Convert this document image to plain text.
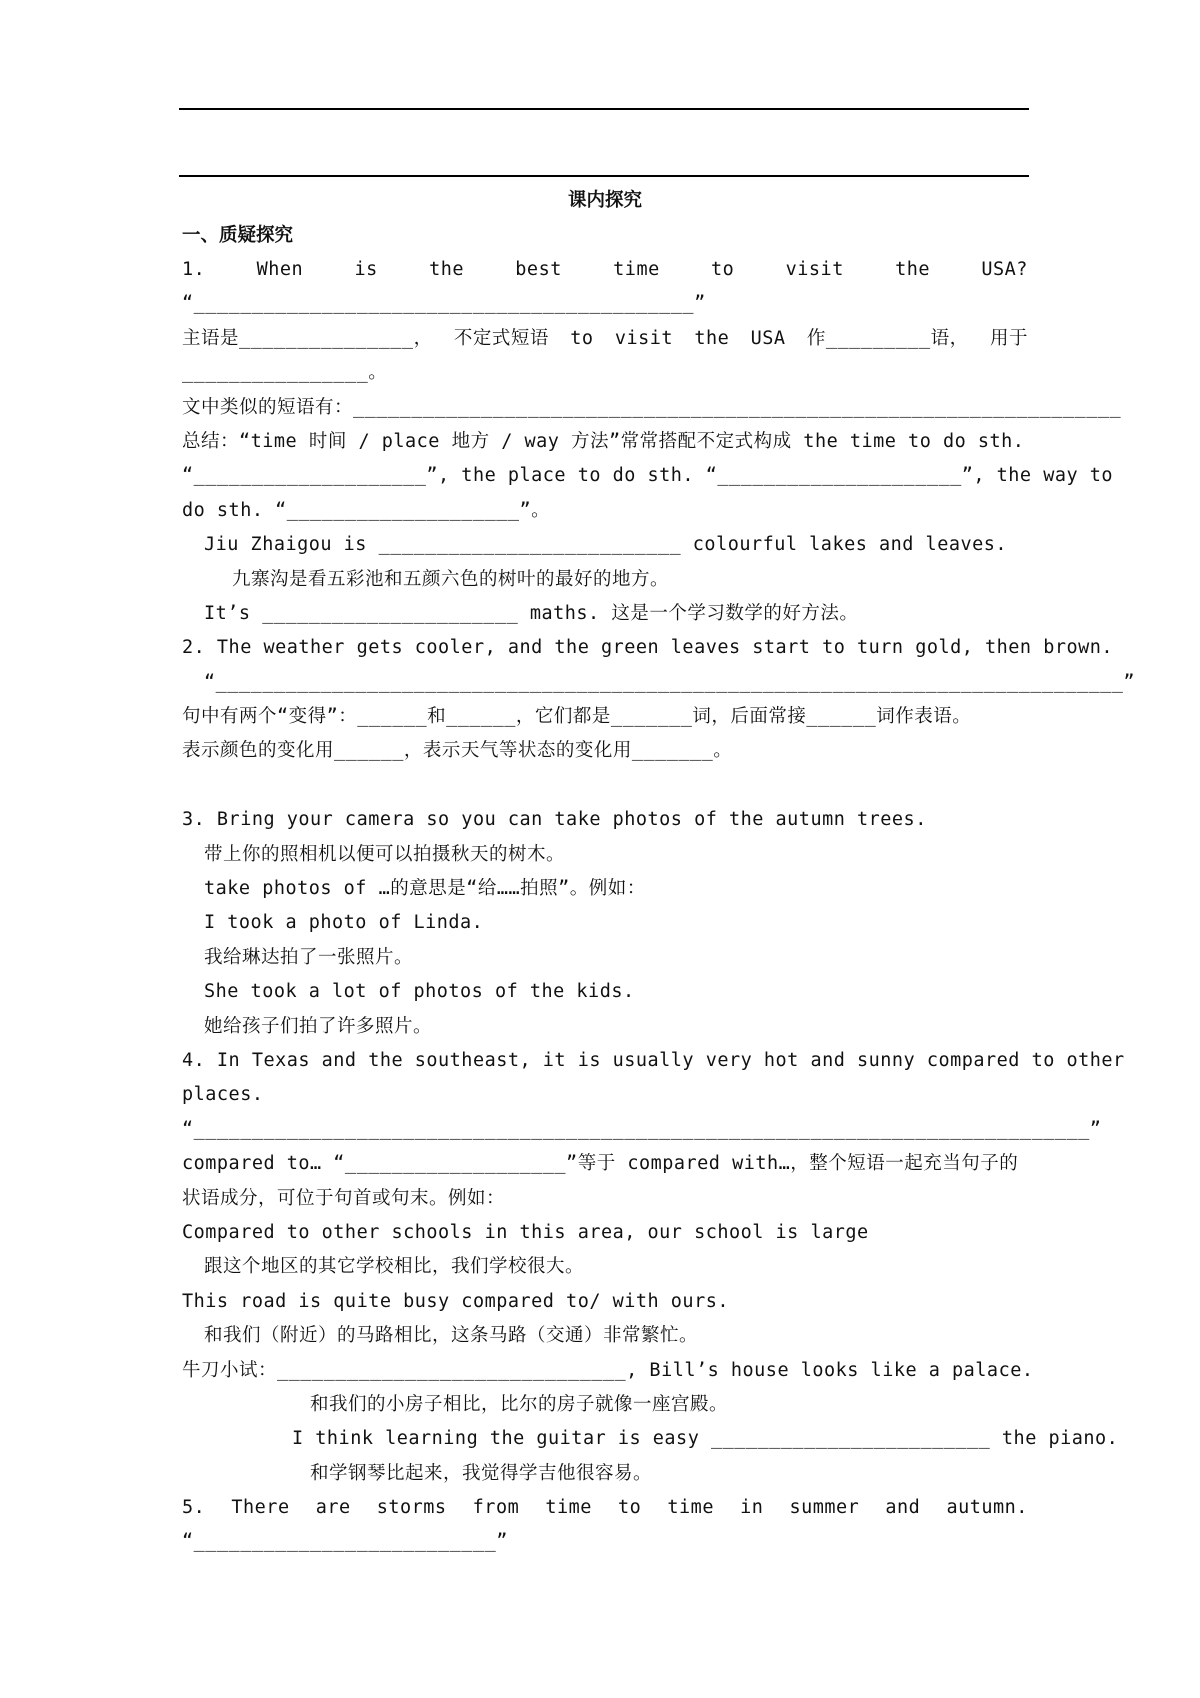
课内探究
一、质疑探究
1.	When	is	the	best	time	to	visit	the	USA?
“___________________________________________”
主语是_______________， 不定式短语 to visit the USA 作_________语， 用于
________________。
文中类似的短语有：__________________________________________________________________
总结：“time 时间 / place 地方 / way 方法”常常搭配不定式构成 the time to do sth.
“____________________”, the place to do sth. “_____________________”, the way to
do sth. “____________________”。
Jiu Zhaigou is __________________________ colourful lakes and leaves.
九寨沟是看五彩池和五颜六色的树叶的最好的地方。
It’s ______________________ maths. 这是一个学习数学的好方法。
2. The weather gets cooler, and the green leaves start to turn gold, then brown.
“______________________________________________________________________________”
句中有两个“变得”：______和______，它们都是_______词，后面常接______词作表语。
表示颜色的变化用______，表示天气等状态的变化用_______。
3. Bring your camera so you can take photos of the autumn trees.
带上你的照相机以便可以拍摄秋天的树木。
take photos of …的意思是“给……拍照”。例如：
I took a photo of Linda.
我给琳达拍了一张照片。
She took a lot of photos of the kids.
她给孩子们拍了许多照片。
4. In Texas and the southeast, it is usually very hot and sunny compared to other
places.
“_____________________________________________________________________________”
compared to… “___________________”等于 compared with…，整个短语一起充当句子的
状语成分，可位于句首或句末。例如：
Compared to other schools in this area, our school is large
跟这个地区的其它学校相比，我们学校很大。
This road is quite busy compared to/ with ours.
和我们（附近）的马路相比，这条马路（交通）非常繁忙。
牛刀小试：______________________________, Bill’s house looks like a palace.
和我们的小房子相比，比尔的房子就像一座宫殿。
I think learning the guitar is easy ________________________ the piano.
和学钢琴比起来，我觉得学吉他很容易。
5. There are storms from time to time in summer and autumn.
“__________________________”
